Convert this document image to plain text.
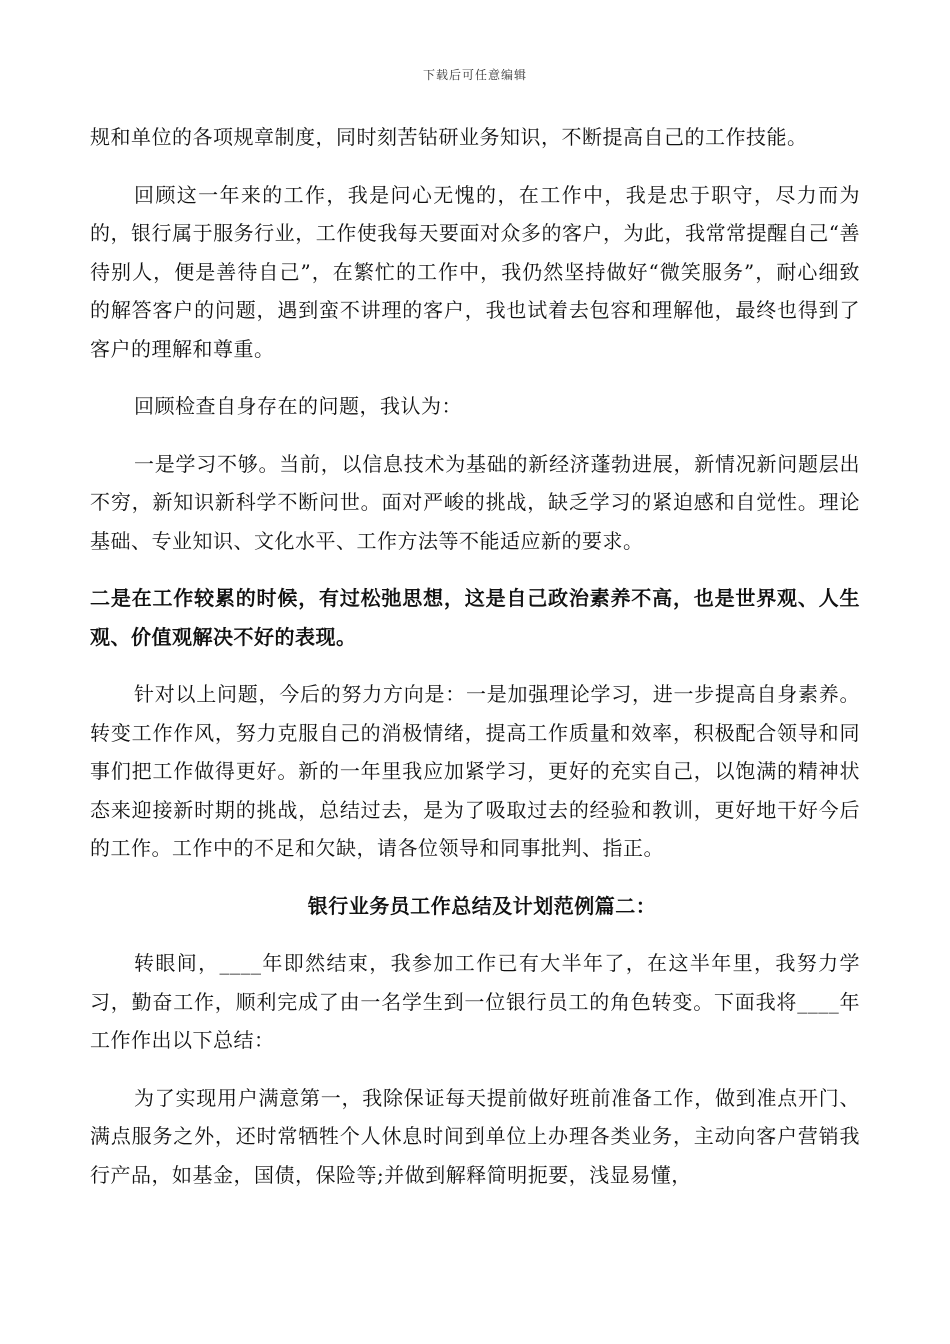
下载后可任意编辑

规和单位的各项规章制度，同时刻苦钻研业务知识，不断提高自己的工作技能。

回顾这一年来的工作，我是问心无愧的，在工作中，我是忠于职守，尽力而为的，银行属于服务行业，工作使我每天要面对众多的客户，为此，我常常提醒自己“善待别人，便是善待自己”，在繁忙的工作中，我仍然坚持做好“微笑服务”，耐心细致的解答客户的问题，遇到蛮不讲理的客户，我也试着去包容和理解他，最终也得到了客户的理解和尊重。

回顾检查自身存在的问题，我认为：

一是学习不够。当前，以信息技术为基础的新经济蓬勃进展，新情况新问题层出不穷，新知识新科学不断问世。面对严峻的挑战，缺乏学习的紧迫感和自觉性。理论基础、专业知识、文化水平、工作方法等不能适应新的要求。

二是在工作较累的时候，有过松弛思想，这是自己政治素养不高，也是世界观、人生观、价值观解决不好的表现。

针对以上问题，今后的努力方向是：一是加强理论学习，进一步提高自身素养。转变工作作风，努力克服自己的消极情绪，提高工作质量和效率，积极配合领导和同事们把工作做得更好。新的一年里我应加紧学习，更好的充实自己，以饱满的精神状态来迎接新时期的挑战，总结过去，是为了吸取过去的经验和教训，更好地干好今后的工作。工作中的不足和欠缺，请各位领导和同事批判、指正。

银行业务员工作总结及计划范例篇二：

转眼间，____年即然结束，我参加工作已有大半年了，在这半年里，我努力学习，勤奋工作，顺利完成了由一名学生到一位银行员工的角色转变。下面我将____年工作作出以下总结：

为了实现用户满意第一，我除保证每天提前做好班前准备工作，做到准点开门、满点服务之外，还时常牺牲个人休息时间到单位上办理各类业务，主动向客户营销我行产品，如基金，国债，保险等;并做到解释简明扼要，浅显易懂，
